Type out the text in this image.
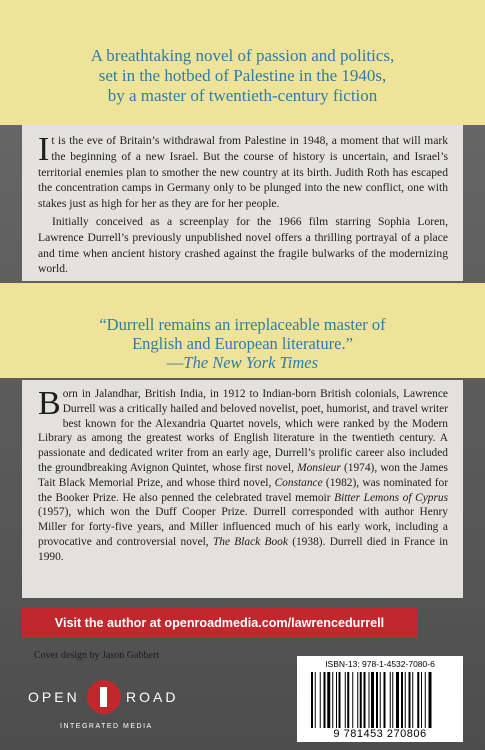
A breathtaking novel of passion and politics,
set in the hotbed of Palestine in the 1940s,
by a master of twentieth-century fiction

It is the eve of Britain’s withdrawal from Palestine in 1948, a moment that will mark the beginning of a new Israel. But the course of history is uncertain, and Israel’s territorial enemies plan to smother the new country at its birth. Judith Roth has escaped the concentration camps in Germany only to be plunged into the new conflict, one with stakes just as high for her as they are for her people.

Initially conceived as a screenplay for the 1966 film starring Sophia Loren, Lawrence Durrell’s previously unpublished novel offers a thrilling portrayal of a place and time when ancient history crashed against the fragile bulwarks of the modernizing world.

“Durrell remains an irreplaceable master of
English and European literature.”
—The New York Times

Born in Jalandhar, British India, in 1912 to Indian-born British colonials, Lawrence Durrell was a critically hailed and beloved novelist, poet, humorist, and travel writer best known for the Alexandria Quartet novels, which were ranked by the Modern Library as among the greatest works of English literature in the twentieth century. A passionate and dedicated writer from an early age, Durrell’s prolific career also included the groundbreaking Avignon Quintet, whose first novel, Monsieur (1974), won the James Tait Black Memorial Prize, and whose third novel, Constance (1982), was nominated for the Booker Prize. He also penned the celebrated travel memoir Bitter Lemons of Cyprus (1957), which won the Duff Cooper Prize. Durrell corresponded with author Henry Miller for forty-five years, and Miller influenced much of his early work, including a provocative and controversial novel, The Black Book (1938). Durrell died in France in 1990.

Visit the author at openroadmedia.com/lawrencedurrell
Cover design by Jason Gabbert
OPEN	ROAD
INTEGRATED MEDIA
ISBN-13: 978-1-4532-7080-6
9 781453 270806
